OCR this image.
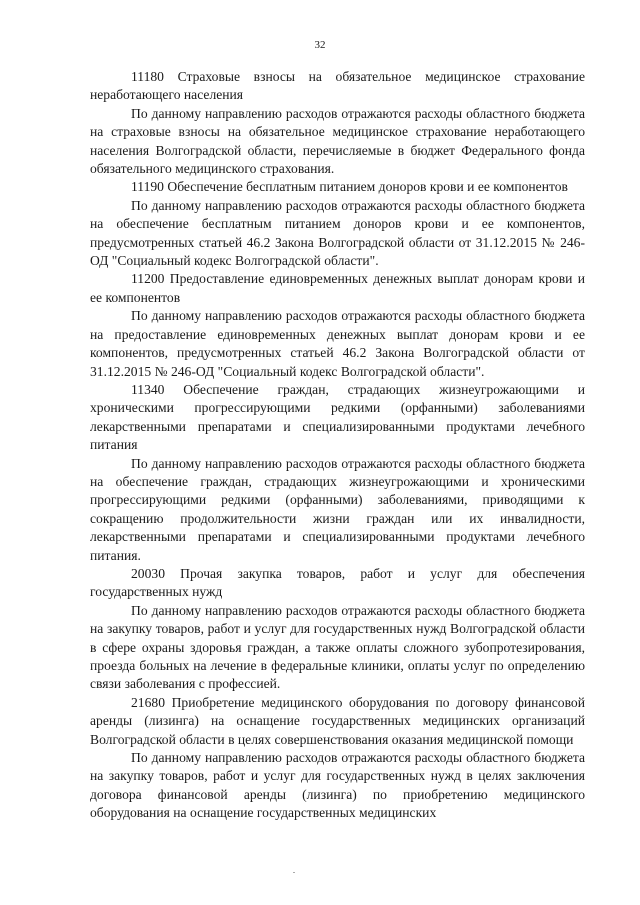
32

11180 Страховые взносы на обязательное медицинское страхование неработающего населения

По данному направлению расходов отражаются расходы областного бюджета на страховые взносы на обязательное медицинское страхование неработающего населения Волгоградской области, перечисляемые в бюджет Федерального фонда обязательного медицинского страхования.

11190 Обеспечение бесплатным питанием доноров крови и ее компонентов

По данному направлению расходов отражаются расходы областного бюджета на обеспечение бесплатным питанием доноров крови и ее компонентов, предусмотренных статьей 46.2 Закона Волгоградской области от 31.12.2015 № 246-ОД "Социальный кодекс Волгоградской области".

11200 Предоставление единовременных денежных выплат донорам крови и ее компонентов

По данному направлению расходов отражаются расходы областного бюджета на предоставление единовременных денежных выплат донорам крови и ее компонентов, предусмотренных статьей 46.2 Закона Волгоградской области от 31.12.2015 № 246-ОД "Социальный кодекс Волгоградской области".

11340 Обеспечение граждан, страдающих жизнеугрожающими и хроническими прогрессирующими редкими (орфанными) заболеваниями лекарственными препаратами и специализированными продуктами лечебного питания

По данному направлению расходов отражаются расходы областного бюджета на обеспечение граждан, страдающих жизнеугрожающими и хроническими прогрессирующими редкими (орфанными) заболеваниями, приводящими к сокращению продолжительности жизни граждан или их инвалидности, лекарственными препаратами и специализированными продуктами лечебного питания.

20030 Прочая закупка товаров, работ и услуг для обеспечения государственных нужд

По данному направлению расходов отражаются расходы областного бюджета на закупку товаров, работ и услуг для государственных нужд Волгоградской области в сфере охраны здоровья граждан, а также оплаты сложного зубопротезирования, проезда больных на лечение в федеральные клиники, оплаты услуг по определению связи заболевания с профессией.

21680 Приобретение медицинского оборудования по договору финансовой аренды (лизинга) на оснащение государственных медицинских организаций Волгоградской области в целях совершенствования оказания медицинской помощи

По данному направлению расходов отражаются расходы областного бюджета на закупку товаров, работ и услуг для государственных нужд в целях заключения договора финансовой аренды (лизинга) по приобретению медицинского оборудования на оснащение государственных медицинских
